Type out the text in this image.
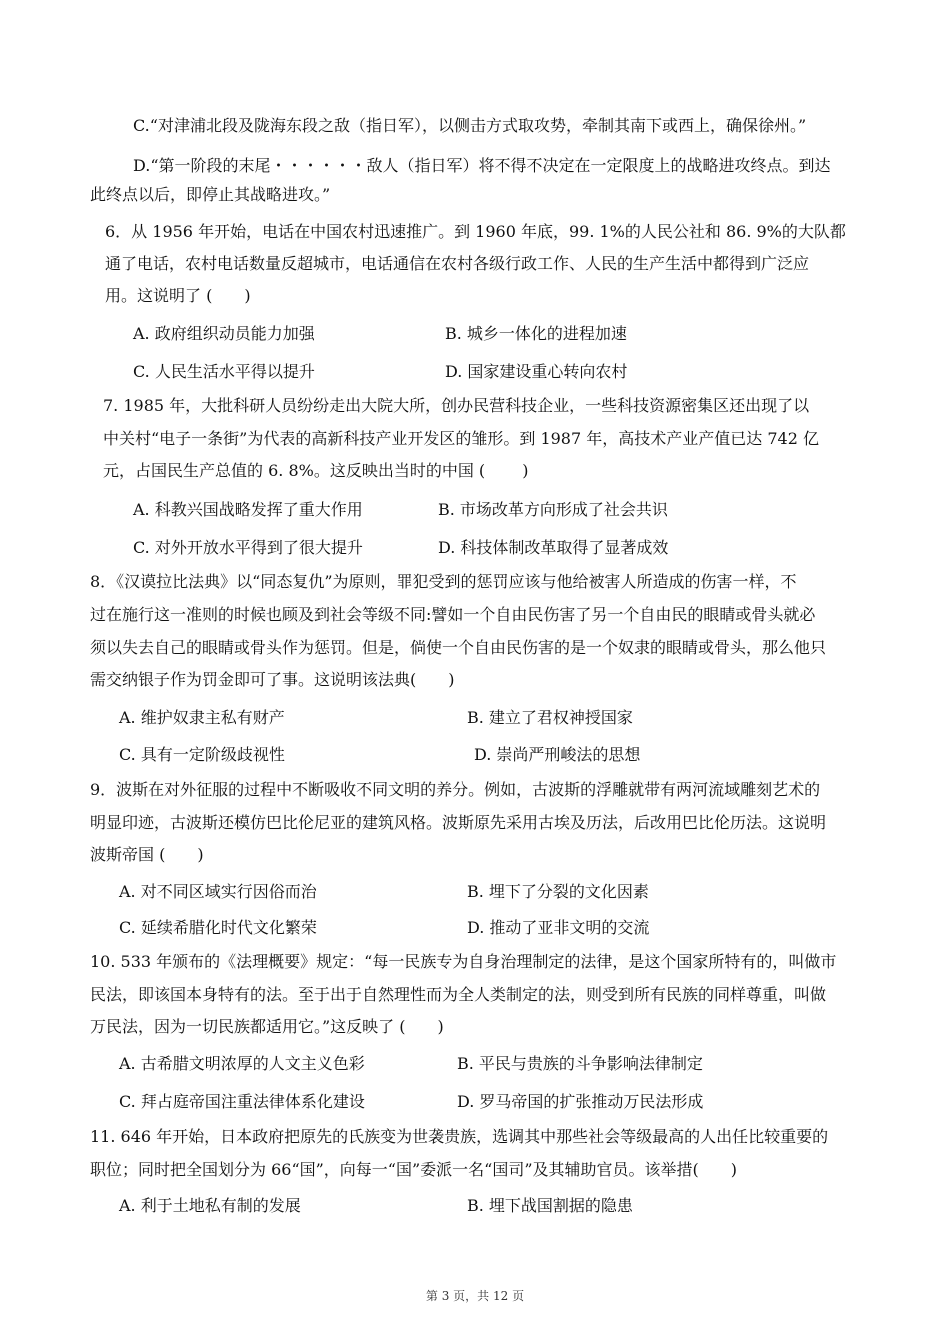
C.“对津浦北段及陇海东段之敌（指日军），以侧击方式取攻势，牵制其南下或西上，确保徐州。”
D.“第一阶段的末尾・・・・・・敌人（指日军）将不得不决定在一定限度上的战略进攻终点。到达
此终点以后，即停止其战略进攻。”
6．从 1956 年开始，电话在中国农村迅速推广。到 1960 年底，99. 1%的人民公社和 86. 9%的大队都
通了电话，农村电话数量反超城市，电话通信在农村各级行政工作、人民的生产生活中都得到广泛应
用。这说明了 (　　)
A. 政府组织动员能力加强	B. 城乡一体化的进程加速
C. 人民生活水平得以提升	D. 国家建设重心转向农村
7. 1985 年，大批科研人员纷纷走出大院大所，创办民营科技企业，一些科技资源密集区还出现了以
中关村“电子一条街”为代表的高新科技产业开发区的雏形。到 1987 年，高技术产业产值已达 742 亿
元，占国民生产总值的 6. 8%。这反映出当时的中国 (　　 )
A. 科教兴国战略发挥了重大作用	B. 市场改革方向形成了社会共识
C. 对外开放水平得到了很大提升	D. 科技体制改革取得了显著成效
8．《汉谟拉比法典》以“同态复仇”为原则，罪犯受到的惩罚应该与他给被害人所造成的伤害一样，不
过在施行这一准则的时候也顾及到社会等级不同:譬如一个自由民伤害了另一个自由民的眼睛或骨头就必
须以失去自己的眼睛或骨头作为惩罚。但是，倘使一个自由民伤害的是一个奴隶的眼睛或骨头，那么他只
需交纳银子作为罚金即可了事。这说明该法典(　　)
A. 维护奴隶主私有财产	B. 建立了君权神授国家
C. 具有一定阶级歧视性	D. 崇尚严刑峻法的思想
9．波斯在对外征服的过程中不断吸收不同文明的养分。例如，古波斯的浮雕就带有两河流域雕刻艺术的
明显印迹，古波斯还模仿巴比伦尼亚的建筑风格。波斯原先采用古埃及历法，后改用巴比伦历法。这说明
波斯帝国 (　　)
A. 对不同区域实行因俗而治	B. 埋下了分裂的文化因素
C. 延续希腊化时代文化繁荣	D. 推动了亚非文明的交流
10. 533 年颁布的《法理概要》规定：“每一民族专为自身治理制定的法律，是这个国家所特有的，叫做市
民法，即该国本身特有的法。至于出于自然理性而为全人类制定的法，则受到所有民族的同样尊重，叫做
万民法，因为一切民族都适用它。”这反映了 (　　)
A. 古希腊文明浓厚的人文主义色彩	B. 平民与贵族的斗争影响法律制定
C. 拜占庭帝国注重法律体系化建设	D. 罗马帝国的扩张推动万民法形成
11. 646 年开始，日本政府把原先的氏族变为世袭贵族，选调其中那些社会等级最高的人出任比较重要的
职位；同时把全国划分为 66“国”，向每一“国”委派一名“国司”及其辅助官员。该举措(　　)
A. 利于土地私有制的发展	B. 埋下战国割据的隐患
第 3 页，共 12 页
